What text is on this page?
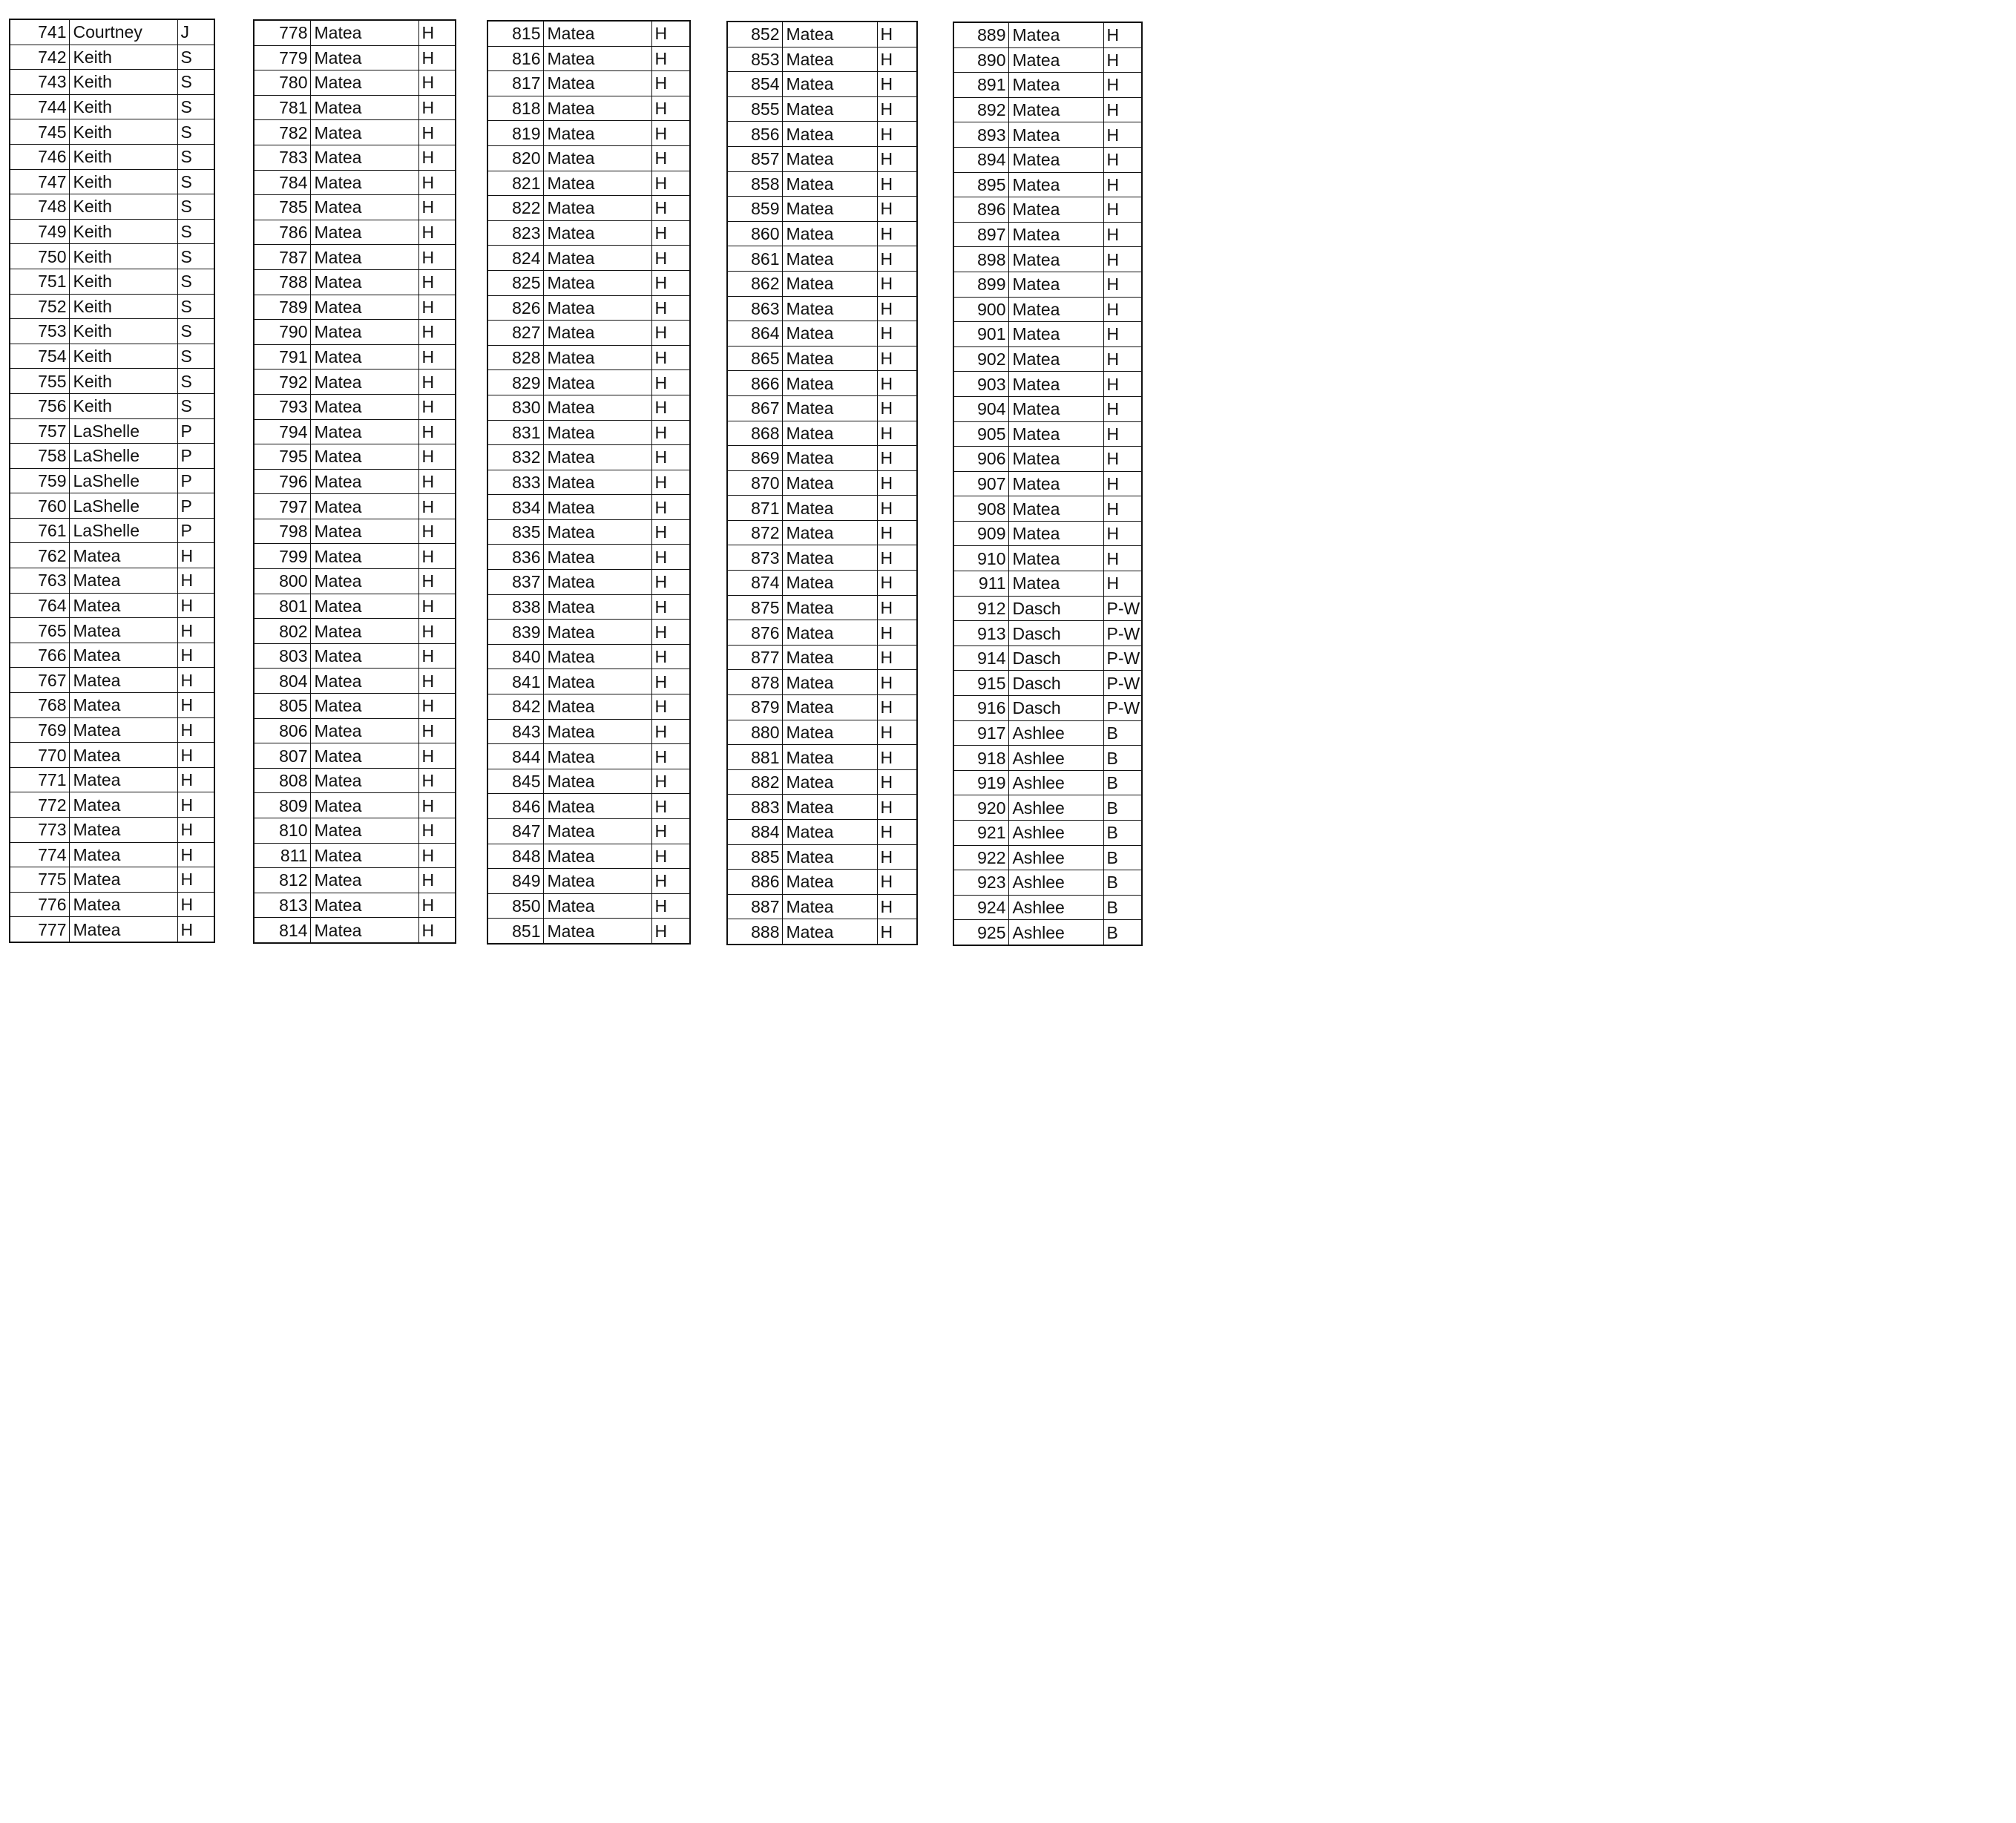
741	Courtney	J
742	Keith	S
743	Keith	S
744	Keith	S
745	Keith	S
746	Keith	S
747	Keith	S
748	Keith	S
749	Keith	S
750	Keith	S
751	Keith	S
752	Keith	S
753	Keith	S
754	Keith	S
755	Keith	S
756	Keith	S
757	LaShelle	P
758	LaShelle	P
759	LaShelle	P
760	LaShelle	P
761	LaShelle	P
762	Matea	H
763	Matea	H
764	Matea	H
765	Matea	H
766	Matea	H
767	Matea	H
768	Matea	H
769	Matea	H
770	Matea	H
771	Matea	H
772	Matea	H
773	Matea	H
774	Matea	H
775	Matea	H
776	Matea	H
777	Matea	H
778	Matea	H
779	Matea	H
780	Matea	H
781	Matea	H
782	Matea	H
783	Matea	H
784	Matea	H
785	Matea	H
786	Matea	H
787	Matea	H
788	Matea	H
789	Matea	H
790	Matea	H
791	Matea	H
792	Matea	H
793	Matea	H
794	Matea	H
795	Matea	H
796	Matea	H
797	Matea	H
798	Matea	H
799	Matea	H
800	Matea	H
801	Matea	H
802	Matea	H
803	Matea	H
804	Matea	H
805	Matea	H
806	Matea	H
807	Matea	H
808	Matea	H
809	Matea	H
810	Matea	H
811	Matea	H
812	Matea	H
813	Matea	H
814	Matea	H
815	Matea	H
816	Matea	H
817	Matea	H
818	Matea	H
819	Matea	H
820	Matea	H
821	Matea	H
822	Matea	H
823	Matea	H
824	Matea	H
825	Matea	H
826	Matea	H
827	Matea	H
828	Matea	H
829	Matea	H
830	Matea	H
831	Matea	H
832	Matea	H
833	Matea	H
834	Matea	H
835	Matea	H
836	Matea	H
837	Matea	H
838	Matea	H
839	Matea	H
840	Matea	H
841	Matea	H
842	Matea	H
843	Matea	H
844	Matea	H
845	Matea	H
846	Matea	H
847	Matea	H
848	Matea	H
849	Matea	H
850	Matea	H
851	Matea	H
852	Matea	H
853	Matea	H
854	Matea	H
855	Matea	H
856	Matea	H
857	Matea	H
858	Matea	H
859	Matea	H
860	Matea	H
861	Matea	H
862	Matea	H
863	Matea	H
864	Matea	H
865	Matea	H
866	Matea	H
867	Matea	H
868	Matea	H
869	Matea	H
870	Matea	H
871	Matea	H
872	Matea	H
873	Matea	H
874	Matea	H
875	Matea	H
876	Matea	H
877	Matea	H
878	Matea	H
879	Matea	H
880	Matea	H
881	Matea	H
882	Matea	H
883	Matea	H
884	Matea	H
885	Matea	H
886	Matea	H
887	Matea	H
888	Matea	H
889	Matea	H
890	Matea	H
891	Matea	H
892	Matea	H
893	Matea	H
894	Matea	H
895	Matea	H
896	Matea	H
897	Matea	H
898	Matea	H
899	Matea	H
900	Matea	H
901	Matea	H
902	Matea	H
903	Matea	H
904	Matea	H
905	Matea	H
906	Matea	H
907	Matea	H
908	Matea	H
909	Matea	H
910	Matea	H
911	Matea	H
912	Dasch	P-W
913	Dasch	P-W
914	Dasch	P-W
915	Dasch	P-W
916	Dasch	P-W
917	Ashlee	B
918	Ashlee	B
919	Ashlee	B
920	Ashlee	B
921	Ashlee	B
922	Ashlee	B
923	Ashlee	B
924	Ashlee	B
925	Ashlee	B
